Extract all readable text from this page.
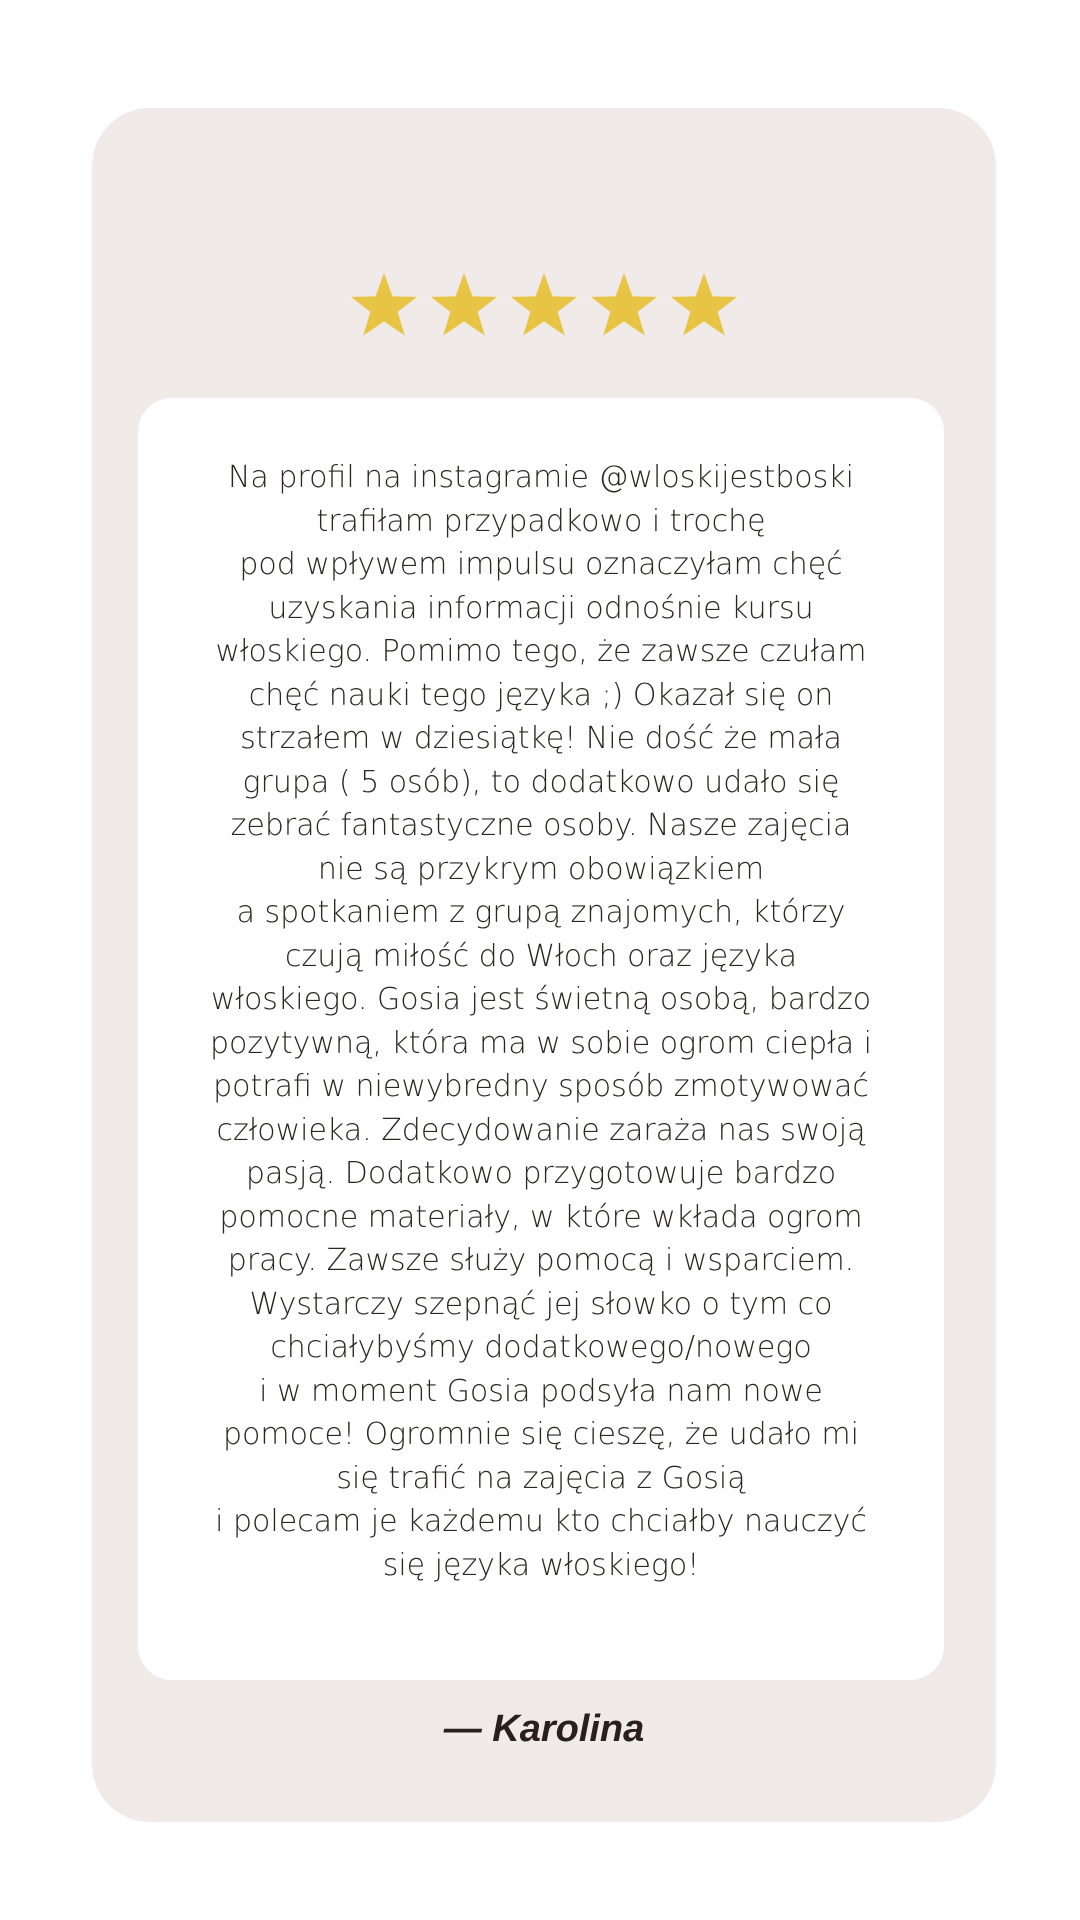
Na profil na instagramie @wloskijestboski
trafiłam przypadkowo i trochę
pod wpływem impulsu oznaczyłam chęć
uzyskania informacji odnośnie kursu
włoskiego. Pomimo tego, że zawsze czułam
chęć nauki tego języka ;) Okazał się on
strzałem w dziesiątkę! Nie dość że mała
grupa ( 5 osób), to dodatkowo udało się
zebrać fantastyczne osoby. Nasze zajęcia
nie są przykrym obowiązkiem
a spotkaniem z grupą znajomych, którzy
czują miłość do Włoch oraz języka
włoskiego. Gosia jest świetną osobą, bardzo
pozytywną, która ma w sobie ogrom ciepła i
potrafi w niewybredny sposób zmotywować
człowieka. Zdecydowanie zaraża nas swoją
pasją. Dodatkowo przygotowuje bardzo
pomocne materiały, w które wkłada ogrom
pracy. Zawsze służy pomocą i wsparciem.
Wystarczy szepnąć jej słowko o tym co
chciałybyśmy dodatkowego/nowego
i w moment Gosia podsyła nam nowe
pomoce! Ogromnie się cieszę, że udało mi
się trafić na zajęcia z Gosią
i polecam je każdemu kto chciałby nauczyć
się języka włoskiego!

— Karolina
